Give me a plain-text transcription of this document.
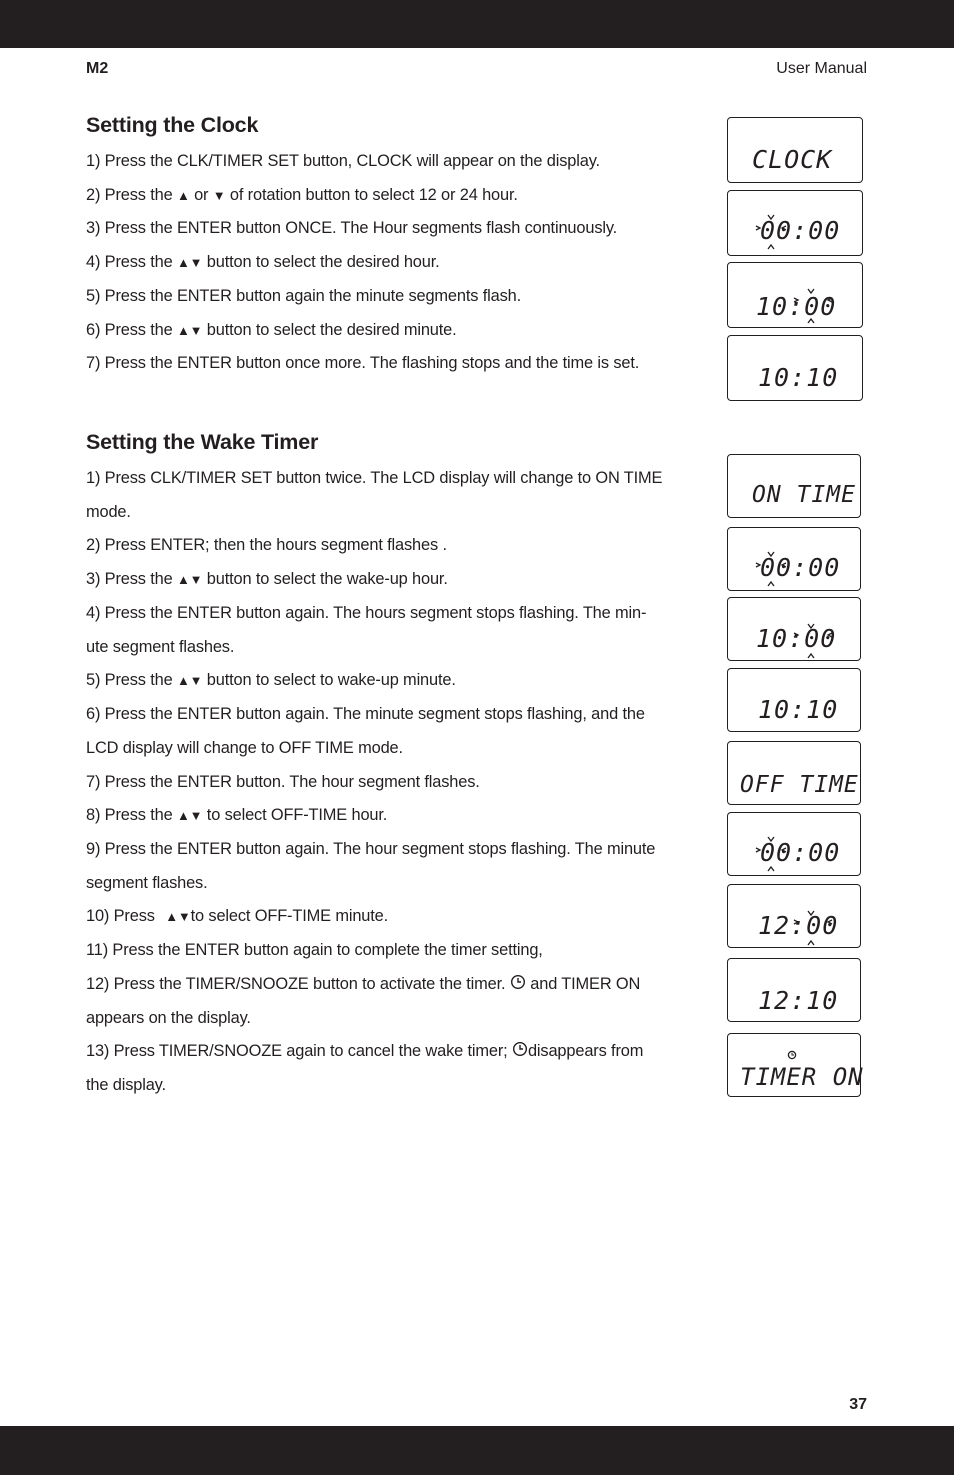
M2	User Manual
Setting the Clock
1) Press the CLK/TIMER SET button, CLOCK will appear on the display.
2) Press the ▲ or ▼ of rotation button to select 12 or 24 hour.
3) Press the ENTER button ONCE. The Hour segments flash continuously.
4) Press the ▲▼ button to select the desired hour.
5) Press the ENTER button again the minute segments flash.
6) Press the ▲▼ button to select the desired minute.
7) Press the ENTER button once more. The flashing stops and the time is set.
Setting the Wake Timer
1) Press CLK/TIMER SET button twice. The LCD display will change to ON TIME
mode.
2) Press ENTER; then the hours segment flashes .
3) Press the ▲▼ button to select the wake-up hour.
4) Press the ENTER button again. The hours segment stops flashing. The min-
ute segment flashes.
5) Press the ▲▼ button to select to wake-up minute.
6) Press the ENTER button again. The minute segment stops flashing, and the
LCD display will change to OFF TIME mode.
7) Press the ENTER button. The hour segment flashes.
8) Press the ▲▼ to select OFF-TIME hour.
9) Press the ENTER button again. The hour segment stops flashing. The minute
segment flashes.
10) Press ▲▼to select OFF-TIME minute.
11) Press the ENTER button again to complete the timer setting,
12) Press the TIMER/SNOOZE button to activate the timer.  and TIMER ON
appears on the display.
13) Press TIMER/SNOOZE again to cancel the wake timer; disappears from
the display.
CLOCK
00:00
10:00
10:10
ON TIME
00:00
10:00
10:10
OFF TIME
00:00
12:00
12:10
TIMER ON
37
